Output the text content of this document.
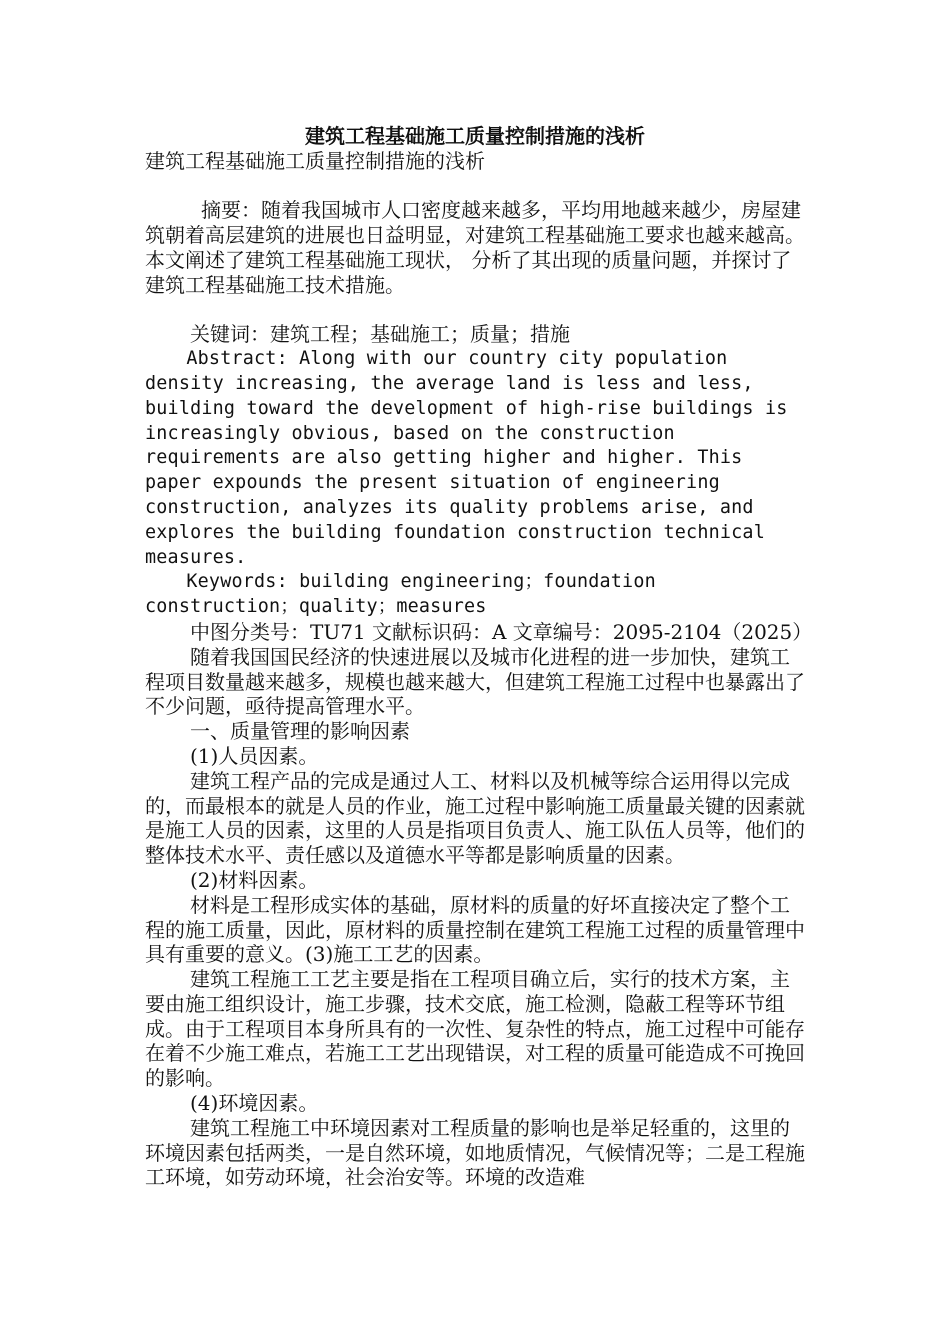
建筑工程基础施工质量控制措施的浅析

建筑工程基础施工质量控制措施的浅析

摘要：随着我国城市人口密度越来越多，平均用地越来越少，房屋建筑朝着高层建筑的进展也日益明显，对建筑工程基础施工要求也越来越高。本文阐述了建筑工程基础施工现状， 分析了其出现的质量问题，并探讨了建筑工程基础施工技术措施。

关键词：建筑工程；基础施工；质量；措施

Abstract: Along with our country city population density increasing, the average land is less and less, building toward the development of high-rise buildings is increasingly obvious, based on the construction requirements are also getting higher and higher. This paper expounds the present situation of engineering construction, analyzes its quality problems arise, and explores the building foundation construction technical measures.

Keywords: building engineering；foundation construction；quality；measures

中图分类号：TU71 文献标识码：A 文章编号：2095-2104（2025）

随着我国国民经济的快速进展以及城市化进程的进一步加快，建筑工程项目数量越来越多，规模也越来越大，但建筑工程施工过程中也暴露出了不少问题，亟待提高管理水平。

一、质量管理的影响因素

(1)人员因素。

建筑工程产品的完成是通过人工、材料以及机械等综合运用得以完成的，而最根本的就是人员的作业，施工过程中影响施工质量最关键的因素就是施工人员的因素，这里的人员是指项目负责人、施工队伍人员等，他们的整体技术水平、责任感以及道德水平等都是影响质量的因素。

(2)材料因素。

材料是工程形成实体的基础，原材料的质量的好坏直接决定了整个工程的施工质量，因此，原材料的质量控制在建筑工程施工过程的质量管理中具有重要的意义。(3)施工工艺的因素。

建筑工程施工工艺主要是指在工程项目确立后，实行的技术方案，主要由施工组织设计，施工步骤，技术交底，施工检测，隐蔽工程等环节组成。由于工程项目本身所具有的一次性、复杂性的特点，施工过程中可能存在着不少施工难点，若施工工艺出现错误，对工程的质量可能造成不可挽回的影响。

(4)环境因素。

建筑工程施工中环境因素对工程质量的影响也是举足轻重的，这里的环境因素包括两类，一是自然环境，如地质情况，气候情况等；二是工程施工环境，如劳动环境，社会治安等。环境的改造难
